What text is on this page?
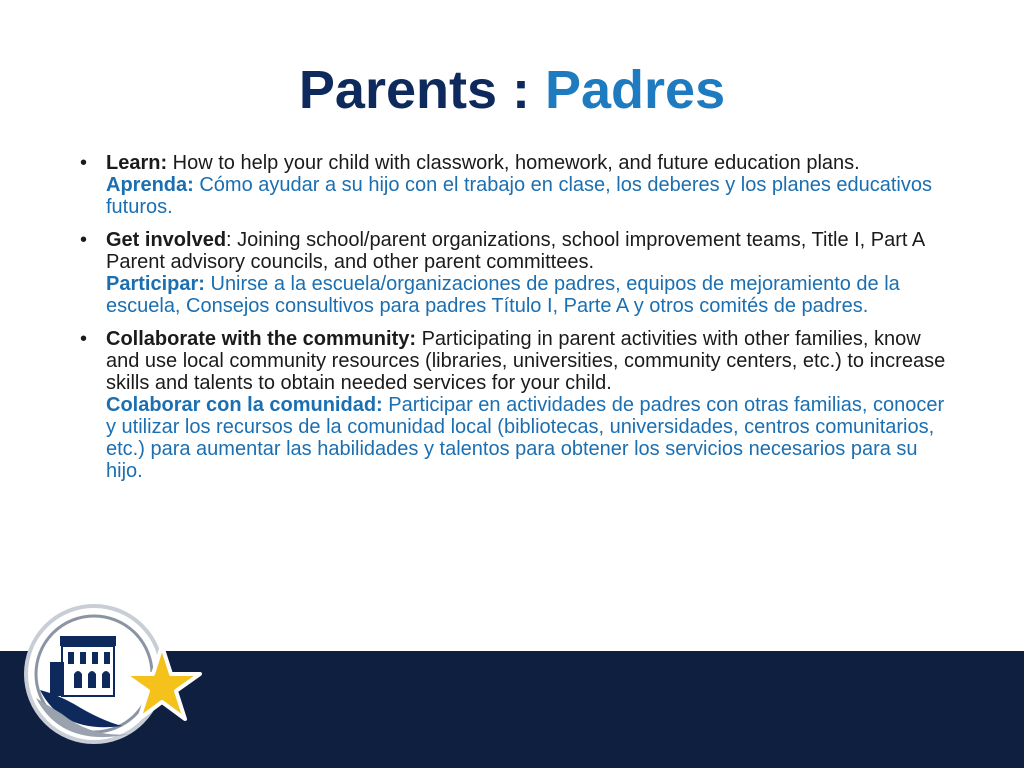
Parents : Padres
• Learn: How to help your child with classwork, homework, and future education plans.
Aprenda: Cómo ayudar a su hijo con el trabajo en clase, los deberes y los planes educativos futuros.
• Get involved: Joining school/parent organizations, school improvement teams, Title I, Part A Parent advisory councils, and other parent committees.
Participar: Unirse a la escuela/organizaciones de padres, equipos de mejoramiento de la escuela, Consejos consultivos para padres Título I, Parte A y otros comités de padres.
• Collaborate with the community: Participating in parent activities with other families, know and use local community resources (libraries, universities, community centers, etc.) to increase skills and talents to obtain needed services for your child.
Colaborar con la comunidad: Participar en actividades de padres con otras familias, conocer y utilizar los recursos de la comunidad local (bibliotecas, universidades, centros comunitarios, etc.) para aumentar las habilidades y talentos para obtener los servicios necesarios para su hijo.
